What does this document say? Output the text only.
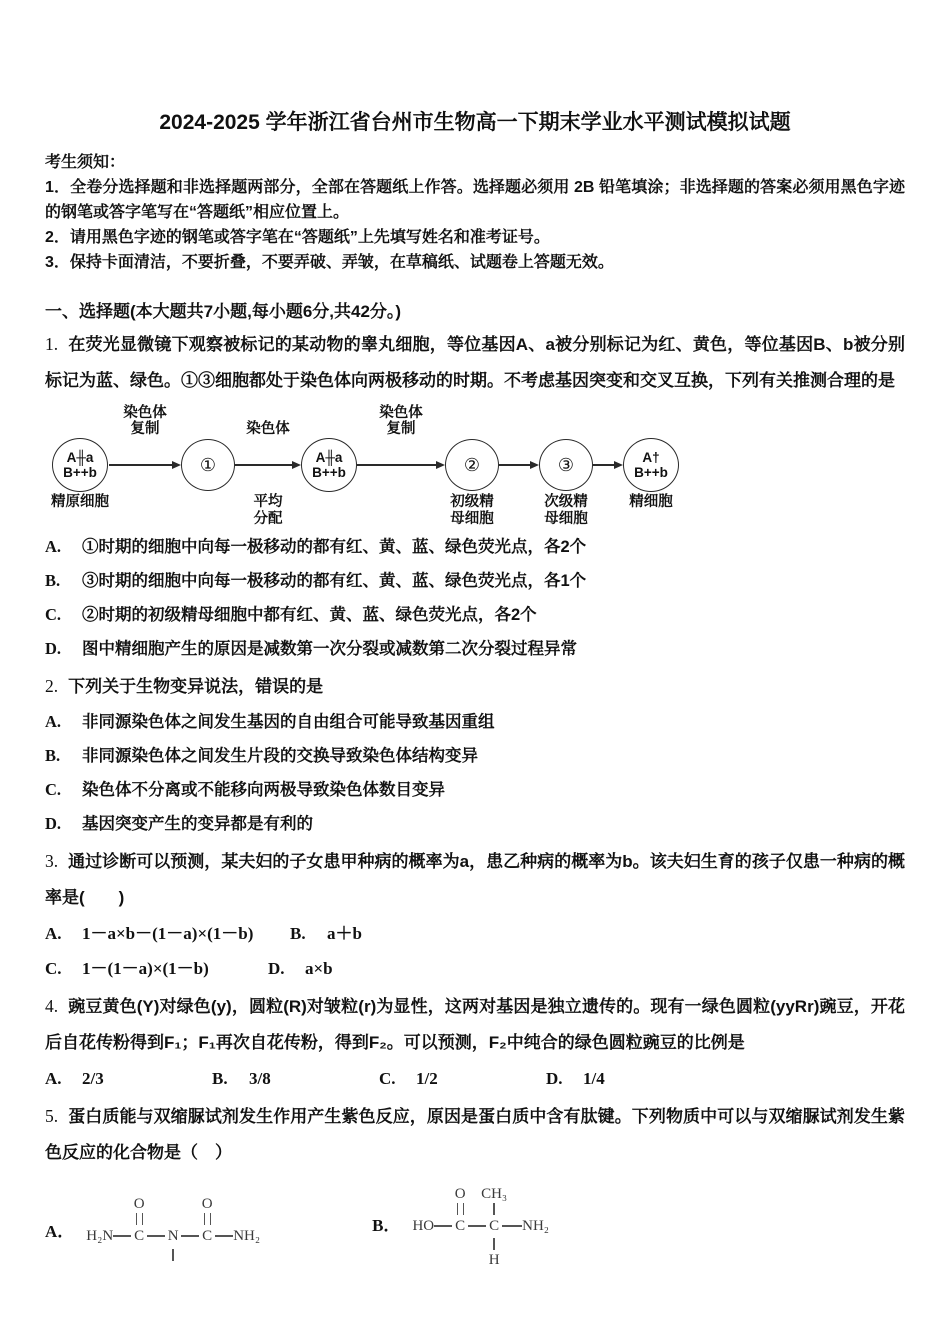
2024-2025 学年浙江省台州市生物高一下期末学业水平测试模拟试题
考生须知：
1．全卷分选择题和非选择题两部分，全部在答题纸上作答。选择题必须用 2B 铅笔填涂；非选择题的答案必须用黑色字迹的钢笔或答字笔写在“答题纸”相应位置上。
2．请用黑色字迹的钢笔或答字笔在“答题纸”上先填写姓名和准考证号。
3．保持卡面清洁，不要折叠，不要弄破、弄皱，在草稿纸、试题卷上答题无效。
一、选择题(本大题共7小题,每小题6分,共42分。)
1. 在荧光显微镜下观察被标记的某动物的睾丸细胞，等位基因A、a被分别标记为红、黄色，等位基因B、b被分别标记为蓝、绿色。①③细胞都处于染色体向两极移动的时期。不考虑基因突变和交叉互换，下列有关推测合理的是
A╫a
B++b
精原细胞
染色体
复制
①
染色体
平均
分配
A╫a
B++b
染色体
复制
②
初级精
母细胞
③
次级精
母细胞
A†
B++b
精细胞
A.	①时期的细胞中向每一极移动的都有红、黄、蓝、绿色荧光点，各2个
B.	③时期的细胞中向每一极移动的都有红、黄、蓝、绿色荧光点，各1个
C.	②时期的初级精母细胞中都有红、黄、蓝、绿色荧光点，各2个
D.	图中精细胞产生的原因是减数第一次分裂或减数第二次分裂过程异常
2. 下列关于生物变异说法，错误的是
A.	非同源染色体之间发生基因的自由组合可能导致基因重组
B.	非同源染色体之间发生片段的交换导致染色体结构变异
C.	染色体不分离或不能移向两极导致染色体数目变异
D.	基因突变产生的变异都是有利的
3. 通过诊断可以预测，某夫妇的子女患甲种病的概率为a，患乙种病的概率为b。该夫妇生育的孩子仅患一种病的概率是(　　)
A.	1－a×b－(1－a)×(1－b) B.	a＋b
C.	1－(1－a)×(1－b)	D.	a×b
4. 豌豆黄色(Y)对绿色(y)，圆粒(R)对皱粒(r)为显性，这两对基因是独立遗传的。现有一绿色圆粒(yyRr)豌豆，开花后自花传粉得到F₁；F₁再次自花传粉，得到F₂。可以预测，F₂中纯合的绿色圆粒豌豆的比例是
A.	2/3	B.	3/8	C.	1/2	D.	1/4
5. 蛋白质能与双缩脲试剂发生作用产生紫色反应，原因是蛋白质中含有肽键。下列物质中可以与双缩脲试剂发生紫色反应的化合物是（　）
A．
O	O
H₂N C N C NH₂
B．
O CH₃
HO C C NH₂
H
